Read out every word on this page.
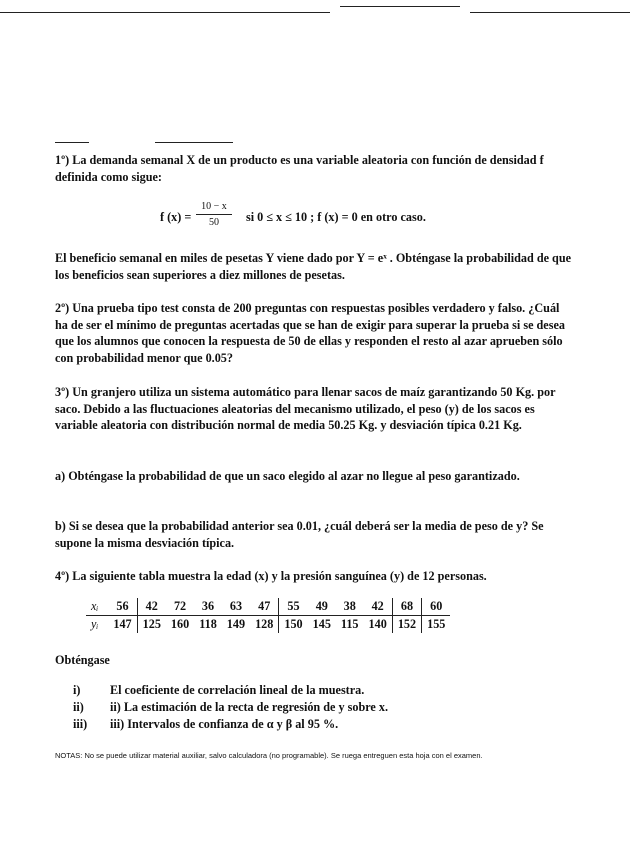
1º) La demanda semanal X de un producto es una variable aleatoria con función de densidad f definida como sigue:
f (x) =
10 − x
50	si 0 ≤ x ≤ 10 ; f (x) = 0 en otro caso.
El beneficio semanal en miles de pesetas Y viene dado por Y = eˣ . Obténgase la probabilidad de que los beneficios sean superiores a diez millones de pesetas.
2º) Una prueba tipo test consta de 200 preguntas con respuestas posibles verdadero y falso. ¿Cuál ha de ser el mínimo de preguntas acertadas que se han de exigir para superar la prueba si se desea que los alumnos que conocen la respuesta de 50 de ellas y responden el resto al azar aprueben sólo con probabilidad menor que 0.05?
3º) Un granjero utiliza un sistema automático para llenar sacos de maíz garantizando 50 Kg. por saco. Debido a las fluctuaciones aleatorias del mecanismo utilizado, el peso (y) de los sacos es variable aleatoria con distribución normal de media 50.25 Kg. y desviación típica 0.21 Kg.
a) Obténgase la probabilidad de que un saco elegido al azar no llegue al peso garantizado.
b) Si se desea que la probabilidad anterior sea 0.01, ¿cuál deberá ser la media de peso de y? Se supone la misma desviación típica.
4º) La siguiente tabla muestra la edad (x) y la presión sanguínea (y) de 12 personas.
xᵢ	56	42	72	36	63	47	55	49	38	42	68	60
yᵢ	147	125	160	118	149	128	150	145	115	140	152	155
Obténgase
i) El coeficiente de correlación lineal de la muestra.
ii) ii) La estimación de la recta de regresión de y sobre x.
iii) iii) Intervalos de confianza de α y β al 95 %.
NOTAS: No se puede utilizar material auxiliar, salvo calculadora (no programable). Se ruega entreguen esta hoja con el examen.
